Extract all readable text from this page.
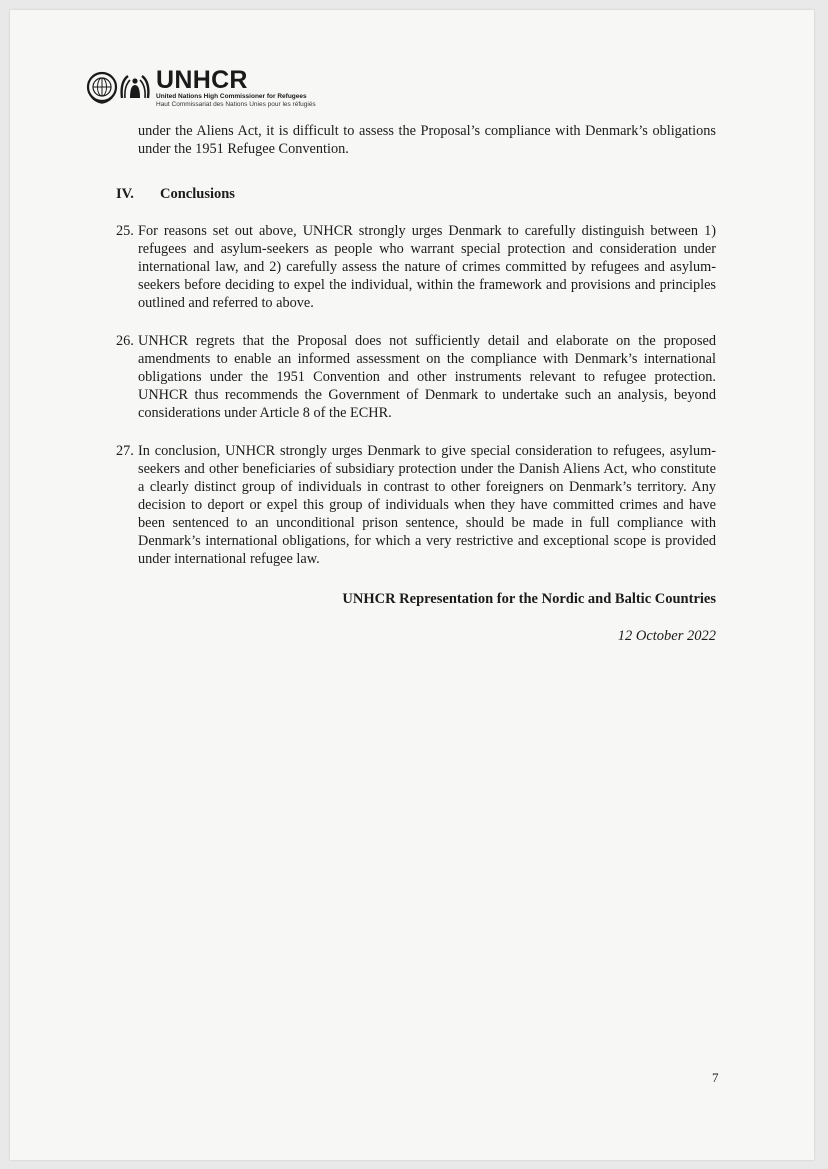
UNHCR
United Nations High Commissioner for Refugees
Haut Commissariat des Nations Unies pour les réfugiés

under the Aliens Act, it is difficult to assess the Proposal’s compliance with Denmark’s obligations under the 1951 Refugee Convention.

IV. Conclusions
25. For reasons set out above, UNHCR strongly urges Denmark to carefully distinguish between 1) refugees and asylum-seekers as people who warrant special protection and consideration under international law, and 2) carefully assess the nature of crimes committed by refugees and asylum-seekers before deciding to expel the individual, within the framework and provisions and principles outlined and referred to above.
26. UNHCR regrets that the Proposal does not sufficiently detail and elaborate on the proposed amendments to enable an informed assessment on the compliance with Denmark’s international obligations under the 1951 Convention and other instruments relevant to refugee protection. UNHCR thus recommends the Government of Denmark to undertake such an analysis, beyond considerations under Article 8 of the ECHR.
27. In conclusion, UNHCR strongly urges Denmark to give special consideration to refugees, asylum-seekers and other beneficiaries of subsidiary protection under the Danish Aliens Act, who constitute a clearly distinct group of individuals in contrast to other foreigners on Denmark’s territory. Any decision to deport or expel this group of individuals when they have committed crimes and have been sentenced to an unconditional prison sentence, should be made in full compliance with Denmark’s international obligations, for which a very restrictive and exceptional scope is provided under international refugee law.

UNHCR Representation for the Nordic and Baltic Countries

12 October 2022

7
